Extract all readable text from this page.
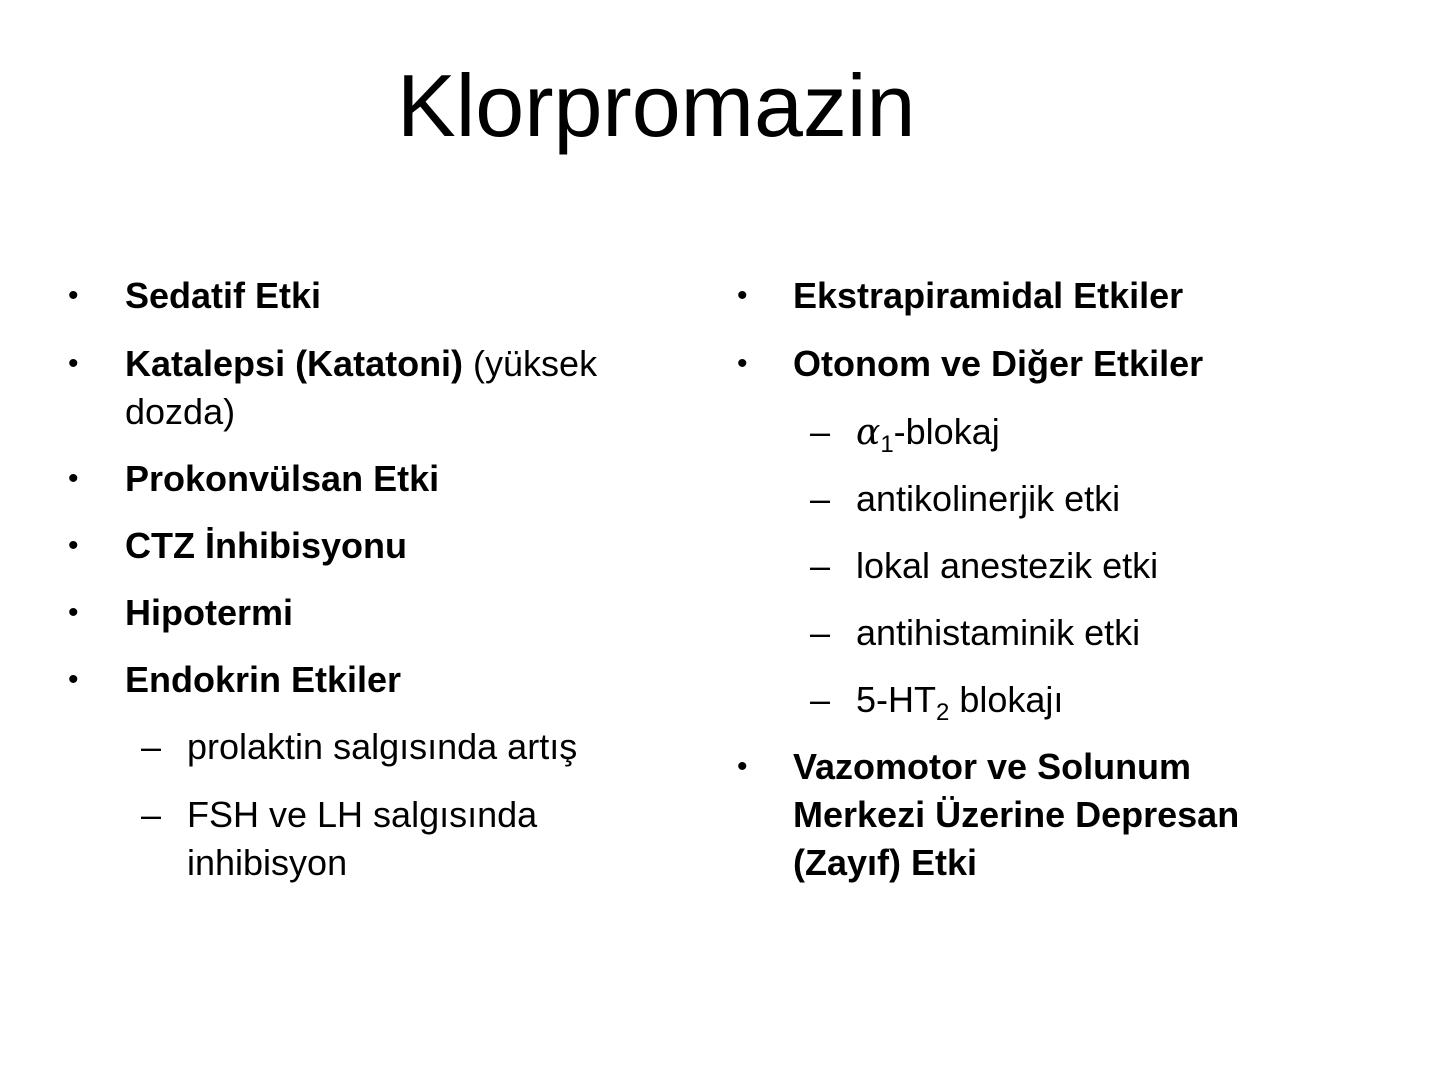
Klorpromazin
• Sedatif Etki
• Katalepsi (Katatoni) (yüksek
dozda)
• Prokonvülsan Etki
• CTZ İnhibisyonu
• Hipotermi
• Endokrin Etkiler
– prolaktin salgısında artış
– FSH ve LH salgısında
inhibisyon
• Ekstrapiramidal Etkiler
• Otonom ve Diğer Etkiler
– $\alpha_1$-blokaj
– antikolinerjik etki
– lokal anestezik etki
– antihistaminik etki
– $5-HT_2$ blokajı
• Vazomotor ve Solunum
Merkezi Üzerine Depresan
(Zayıf) Etki
